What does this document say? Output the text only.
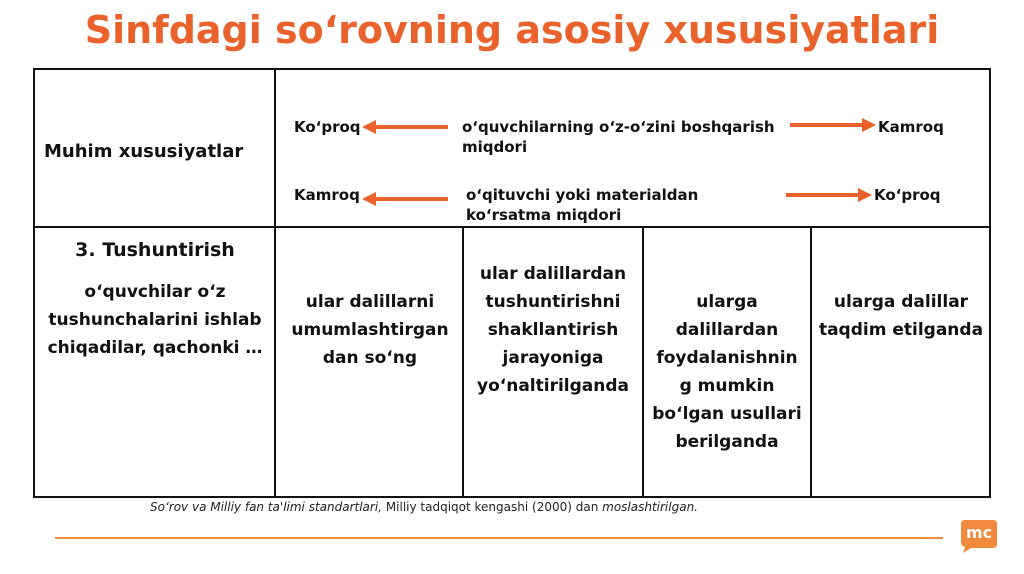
Sinfdagi so‘rovning asosiy xususiyatlari
Muhim xususiyatlar
Ko‘proq	o‘quvchilarning o‘z-o‘zini boshqarish miqdori
Kamroq
Kamroq	o‘qituvchi yoki materialdan ko‘rsatma miqdori
Ko‘proq
3. Tushuntirish
o‘quvchilar o‘z tushunchalarini ishlab chiqadilar, qachonki …
ular dalillarni umumlashtirgan dan so‘ng
ular dalillardan tushuntirishni shakllantirish jarayoniga yo‘naltirilganda
ularga dalillardan foydalanishnin g mumkin bo‘lgan usullari berilganda
ularga dalillar taqdim etilganda
So‘rov va Milliy fan ta'limi standartlari, Milliy tadqiqot kengashi (2000) dan moslashtirilgan.
mc
